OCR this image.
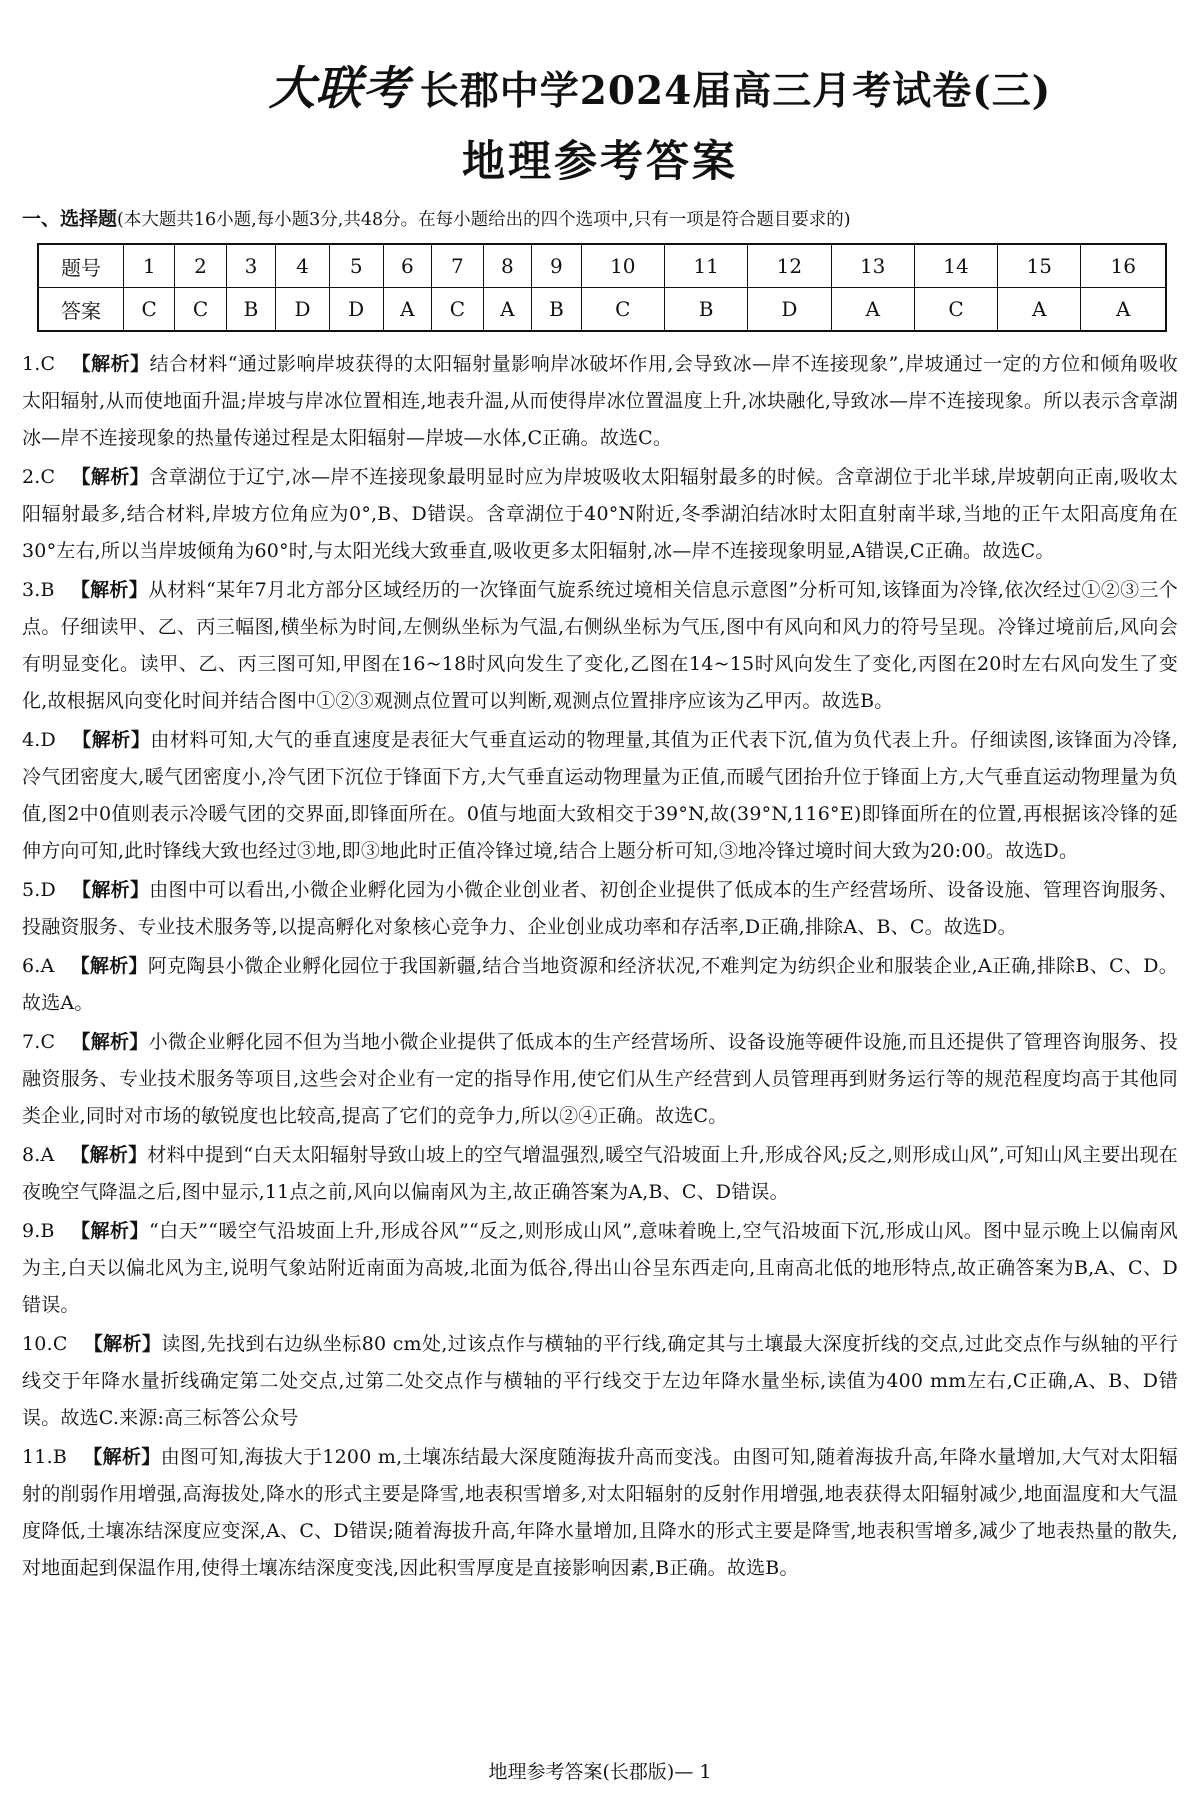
大联考 长郡中学2024届高三月考试卷(三)
地理参考答案
一、选择题(本大题共16小题,每小题3分,共48分。在每小题给出的四个选项中,只有一项是符合题目要求的)
题号	1	2	3	4	5	6	7	8	9	10	11	12	13	14	15	16
答案	C	C	B	D	D	A	C	A	B	C	B	D	A	C	A	A
1.C 【解析】结合材料“通过影响岸坡获得的太阳辐射量影响岸冰破坏作用,会导致冰—岸不连接现象”,岸坡通过一定的方位和倾角吸收太阳辐射,从而使地面升温;岸坡与岸冰位置相连,地表升温,从而使得岸冰位置温度上升,冰块融化,导致冰—岸不连接现象。所以表示含章湖冰—岸不连接现象的热量传递过程是太阳辐射—岸坡—水体,C正确。故选C。
2.C 【解析】含章湖位于辽宁,冰—岸不连接现象最明显时应为岸坡吸收太阳辐射最多的时候。含章湖位于北半球,岸坡朝向正南,吸收太阳辐射最多,结合材料,岸坡方位角应为0°,B、D错误。含章湖位于40°N附近,冬季湖泊结冰时太阳直射南半球,当地的正午太阳高度角在30°左右,所以当岸坡倾角为60°时,与太阳光线大致垂直,吸收更多太阳辐射,冰—岸不连接现象明显,A错误,C正确。故选C。
3.B 【解析】从材料“某年7月北方部分区域经历的一次锋面气旋系统过境相关信息示意图”分析可知,该锋面为冷锋,依次经过①②③三个点。仔细读甲、乙、丙三幅图,横坐标为时间,左侧纵坐标为气温,右侧纵坐标为气压,图中有风向和风力的符号呈现。冷锋过境前后,风向会有明显变化。读甲、乙、丙三图可知,甲图在16~18时风向发生了变化,乙图在14~15时风向发生了变化,丙图在20时左右风向发生了变化,故根据风向变化时间并结合图中①②③观测点位置可以判断,观测点位置排序应该为乙甲丙。故选B。
4.D 【解析】由材料可知,大气的垂直速度是表征大气垂直运动的物理量,其值为正代表下沉,值为负代表上升。仔细读图,该锋面为冷锋,冷气团密度大,暖气团密度小,冷气团下沉位于锋面下方,大气垂直运动物理量为正值,而暖气团抬升位于锋面上方,大气垂直运动物理量为负值,图2中0值则表示冷暖气团的交界面,即锋面所在。0值与地面大致相交于39°N,故(39°N,116°E)即锋面所在的位置,再根据该冷锋的延伸方向可知,此时锋线大致也经过③地,即③地此时正值冷锋过境,结合上题分析可知,③地冷锋过境时间大致为20:00。故选D。
5.D 【解析】由图中可以看出,小微企业孵化园为小微企业创业者、初创企业提供了低成本的生产经营场所、设备设施、管理咨询服务、投融资服务、专业技术服务等,以提高孵化对象核心竞争力、企业创业成功率和存活率,D正确,排除A、B、C。故选D。
6.A 【解析】阿克陶县小微企业孵化园位于我国新疆,结合当地资源和经济状况,不难判定为纺织企业和服装企业,A正确,排除B、C、D。故选A。
7.C 【解析】小微企业孵化园不但为当地小微企业提供了低成本的生产经营场所、设备设施等硬件设施,而且还提供了管理咨询服务、投融资服务、专业技术服务等项目,这些会对企业有一定的指导作用,使它们从生产经营到人员管理再到财务运行等的规范程度均高于其他同类企业,同时对市场的敏锐度也比较高,提高了它们的竞争力,所以②④正确。故选C。
8.A 【解析】材料中提到“白天太阳辐射导致山坡上的空气增温强烈,暖空气沿坡面上升,形成谷风;反之,则形成山风”,可知山风主要出现在夜晚空气降温之后,图中显示,11点之前,风向以偏南风为主,故正确答案为A,B、C、D错误。
9.B 【解析】“白天”“暖空气沿坡面上升,形成谷风”“反之,则形成山风”,意味着晚上,空气沿坡面下沉,形成山风。图中显示晚上以偏南风为主,白天以偏北风为主,说明气象站附近南面为高坡,北面为低谷,得出山谷呈东西走向,且南高北低的地形特点,故正确答案为B,A、C、D错误。
10.C 【解析】读图,先找到右边纵坐标80 cm处,过该点作与横轴的平行线,确定其与土壤最大深度折线的交点,过此交点作与纵轴的平行线交于年降水量折线确定第二处交点,过第二处交点作与横轴的平行线交于左边年降水量坐标,读值为400 mm左右,C正确,A、B、D错误。故选C.来源:高三标答公众号
11.B 【解析】由图可知,海拔大于1200 m,土壤冻结最大深度随海拔升高而变浅。由图可知,随着海拔升高,年降水量增加,大气对太阳辐射的削弱作用增强,高海拔处,降水的形式主要是降雪,地表积雪增多,对太阳辐射的反射作用增强,地表获得太阳辐射减少,地面温度和大气温度降低,土壤冻结深度应变深,A、C、D错误;随着海拔升高,年降水量增加,且降水的形式主要是降雪,地表积雪增多,减少了地表热量的散失,对地面起到保温作用,使得土壤冻结深度变浅,因此积雪厚度是直接影响因素,B正确。故选B。
地理参考答案(长郡版)— 1
